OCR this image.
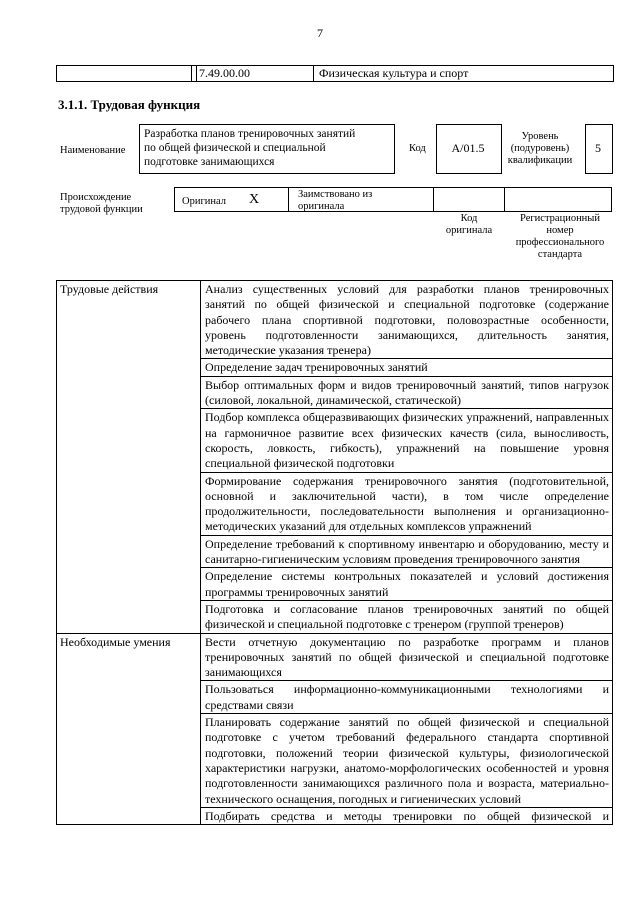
7
7.49.00.00	Физическая культура и спорт
3.1.1. Трудовая функция
Наименование
Разработка планов тренировочных занятий
по общей физической и специальной
подготовке занимающихся
Код	A/01.5
Уровень
(подуровень)
квалификации
5
Происхождение
трудовой функции
Оригинал X	Заимствовано из
оригинала
Код
оригинала
Регистрационный
номер
профессионального
стандарта
Трудовые действия	Анализ существенных условий для разработки планов тренировочных занятий по общей физической и специальной подготовке (содержание рабочего плана спортивной подготовки, половозрастные особенности, уровень подготовленности занимающихся, длительность занятия, методические указания тренера)
	Определение задач тренировочных занятий
	Выбор оптимальных форм и видов тренировочный занятий, типов нагрузок (силовой, локальной, динамической, статической)
	Подбор комплекса общеразвивающих физических упражнений, направленных на гармоничное развитие всех физических качеств (сила, выносливость, скорость, ловкость, гибкость), упражнений на повышение уровня специальной физической подготовки
	Формирование содержания тренировочного занятия (подготовительной, основной и заключительной части), в том числе определение продолжительности, последовательности выполнения и организационно-методических указаний для отдельных комплексов упражнений
	Определение требований к спортивному инвентарю и оборудованию, месту и санитарно-гигиеническим условиям проведения тренировочного занятия
	Определение системы контрольных показателей и условий достижения программы тренировочных занятий
	Подготовка и согласование планов тренировочных занятий по общей физической и специальной подготовке с тренером (группой тренеров)
Необходимые умения	Вести отчетную документацию по разработке программ и планов тренировочных занятий по общей физической и специальной подготовке занимающихся
	Пользоваться информационно-коммуникационными технологиями и средствами связи
	Планировать содержание занятий по общей физической и специальной подготовке с учетом требований федерального стандарта спортивной подготовки, положений теории физической культуры, физиологической характеристики нагрузки, анатомо-морфологических особенностей и уровня подготовленности занимающихся различного пола и возраста, материально-технического оснащения, погодных и гигиенических условий
	Подбирать средства и методы тренировки по общей физической и
